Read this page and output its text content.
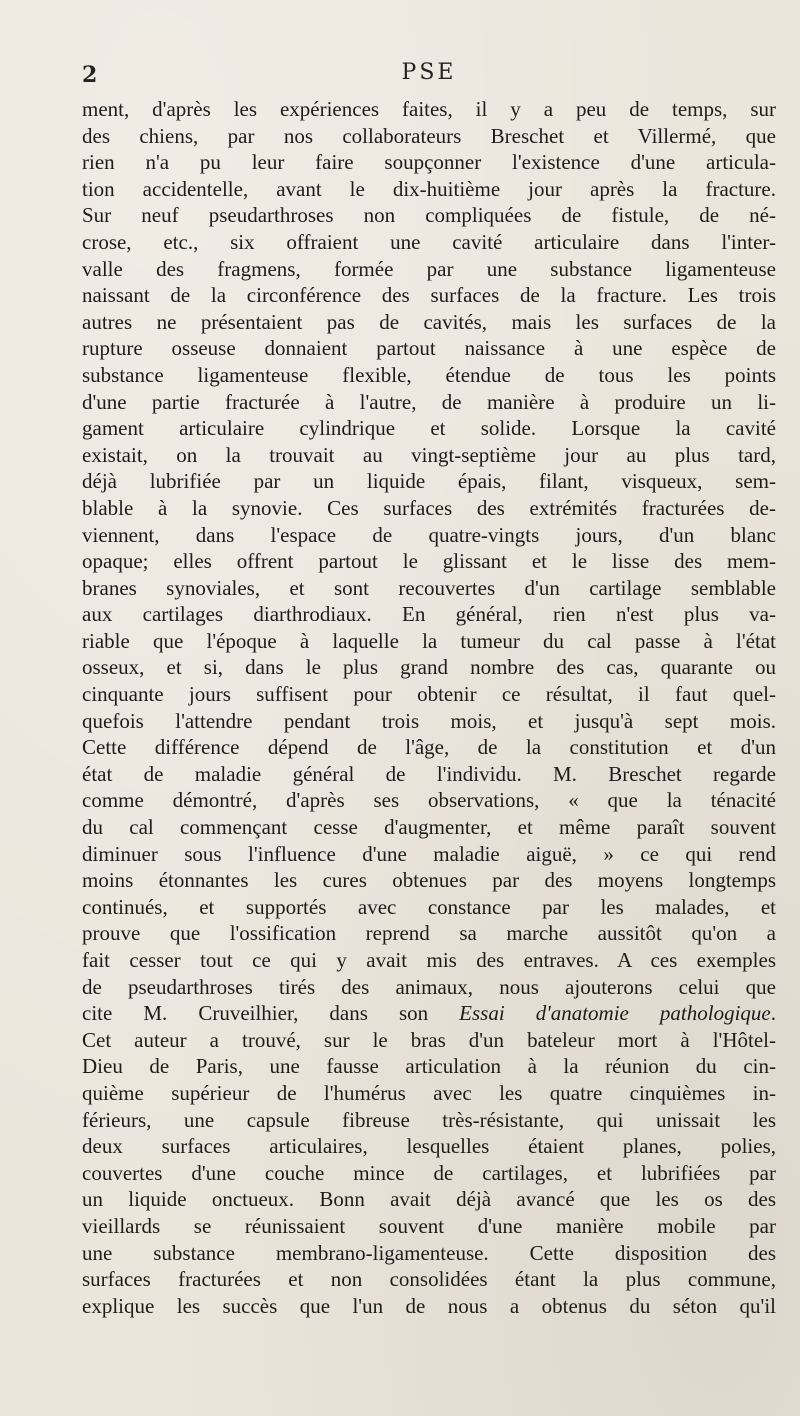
2	PSE
ment, d'après les expériences faites, il y a peu de temps, sur
des chiens, par nos collaborateurs Breschet et Villermé, que
rien n'a pu leur faire soupçonner l'existence d'une articula-
tion accidentelle, avant le dix-huitième jour après la fracture.
Sur neuf pseudarthroses non compliquées de fistule, de né-
crose, etc., six offraient une cavité articulaire dans l'inter-
valle des fragmens, formée par une substance ligamenteuse
naissant de la circonférence des surfaces de la fracture. Les trois
autres ne présentaient pas de cavités, mais les surfaces de la
rupture osseuse donnaient partout naissance à une espèce de
substance ligamenteuse flexible, étendue de tous les points
d'une partie fracturée à l'autre, de manière à produire un li-
gament articulaire cylindrique et solide. Lorsque la cavité
existait, on la trouvait au vingt-septième jour au plus tard,
déjà lubrifiée par un liquide épais, filant, visqueux, sem-
blable à la synovie. Ces surfaces des extrémités fracturées de-
viennent, dans l'espace de quatre-vingts jours, d'un blanc
opaque; elles offrent partout le glissant et le lisse des mem-
branes synoviales, et sont recouvertes d'un cartilage semblable
aux cartilages diarthrodiaux. En général, rien n'est plus va-
riable que l'époque à laquelle la tumeur du cal passe à l'état
osseux, et si, dans le plus grand nombre des cas, quarante ou
cinquante jours suffisent pour obtenir ce résultat, il faut quel-
quefois l'attendre pendant trois mois, et jusqu'à sept mois.
Cette différence dépend de l'âge, de la constitution et d'un
état de maladie général de l'individu. M. Breschet regarde
comme démontré, d'après ses observations, « que la ténacité
du cal commençant cesse d'augmenter, et même paraît souvent
diminuer sous l'influence d'une maladie aiguë, » ce qui rend
moins étonnantes les cures obtenues par des moyens longtemps
continués, et supportés avec constance par les malades, et
prouve que l'ossification reprend sa marche aussitôt qu'on a
fait cesser tout ce qui y avait mis des entraves. A ces exemples
de pseudarthroses tirés des animaux, nous ajouterons celui que
cite M. Cruveilhier, dans son Essai d'anatomie pathologique.
Cet auteur a trouvé, sur le bras d'un bateleur mort à l'Hôtel-
Dieu de Paris, une fausse articulation à la réunion du cin-
quième supérieur de l'humérus avec les quatre cinquièmes in-
férieurs, une capsule fibreuse très-résistante, qui unissait les
deux surfaces articulaires, lesquelles étaient planes, polies,
couvertes d'une couche mince de cartilages, et lubrifiées par
un liquide onctueux. Bonn avait déjà avancé que les os des
vieillards se réunissaient souvent d'une manière mobile par
une substance membrano-ligamenteuse. Cette disposition des
surfaces fracturées et non consolidées étant la plus commune,
explique les succès que l'un de nous a obtenus du séton qu'il
